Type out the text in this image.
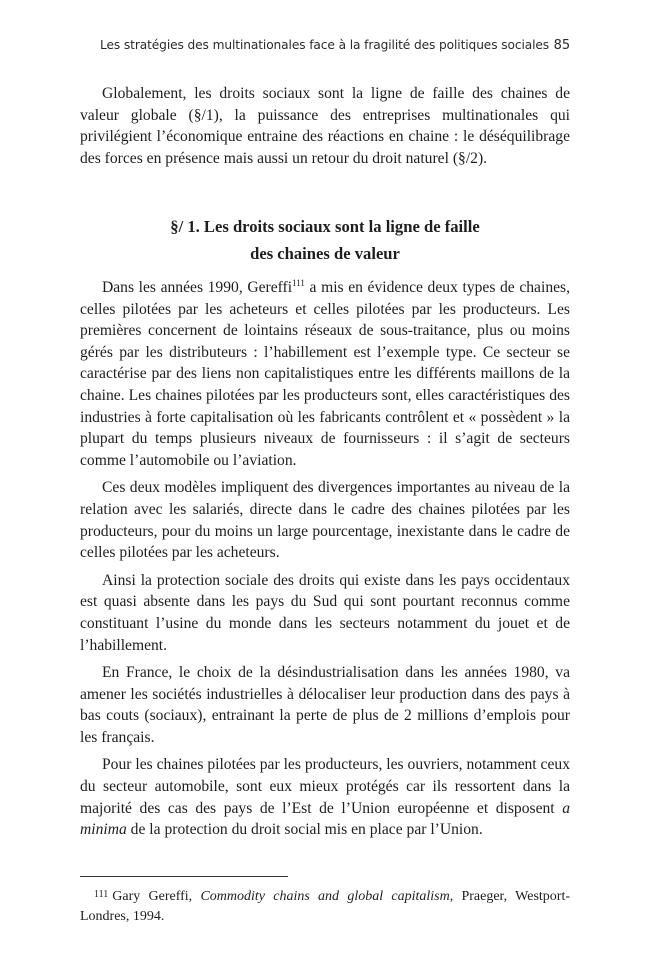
Les stratégies des multinationales face à la fragilité des politiques sociales 85

Globalement, les droits sociaux sont la ligne de faille des chaines de valeur globale (§/1), la puissance des entreprises multinationales qui privilégient l’économique entraine des réactions en chaine : le déséquilibrage des forces en présence mais aussi un retour du droit naturel (§/2).

§/ 1. Les droits sociaux sont la ligne de faille
des chaines de valeur

Dans les années 1990, Gereffi$^{111}$ a mis en évidence deux types de chaines, celles pilotées par les acheteurs et celles pilotées par les producteurs. Les premières concernent de lointains réseaux de sous-traitance, plus ou moins gérés par les distributeurs : l’habillement est l’exemple type. Ce secteur se caractérise par des liens non capitalistiques entre les différents maillons de la chaine. Les chaines pilotées par les producteurs sont, elles caractéristiques des industries à forte capitalisation où les fabricants contrôlent et « possèdent » la plupart du temps plusieurs niveaux de fournisseurs : il s’agit de secteurs comme l’automobile ou l’aviation.

Ces deux modèles impliquent des divergences importantes au niveau de la relation avec les salariés, directe dans le cadre des chaines pilotées par les producteurs, pour du moins un large pourcentage, inexistante dans le cadre de celles pilotées par les acheteurs.

Ainsi la protection sociale des droits qui existe dans les pays occidentaux est quasi absente dans les pays du Sud qui sont pourtant reconnus comme constituant l’usine du monde dans les secteurs notamment du jouet et de l’habillement.

En France, le choix de la désindustrialisation dans les années 1980, va amener les sociétés industrielles à délocaliser leur production dans des pays à bas couts (sociaux), entrainant la perte de plus de 2 millions d’emplois pour les français.

Pour les chaines pilotées par les producteurs, les ouvriers, notamment ceux du secteur automobile, sont eux mieux protégés car ils ressortent dans la majorité des cas des pays de l’Est de l’Union européenne et disposent a minima de la protection du droit social mis en place par l’Union.

$^{111}$ Gary Gereffi, Commodity chains and global capitalism, Praeger, Westport-Londres, 1994.
